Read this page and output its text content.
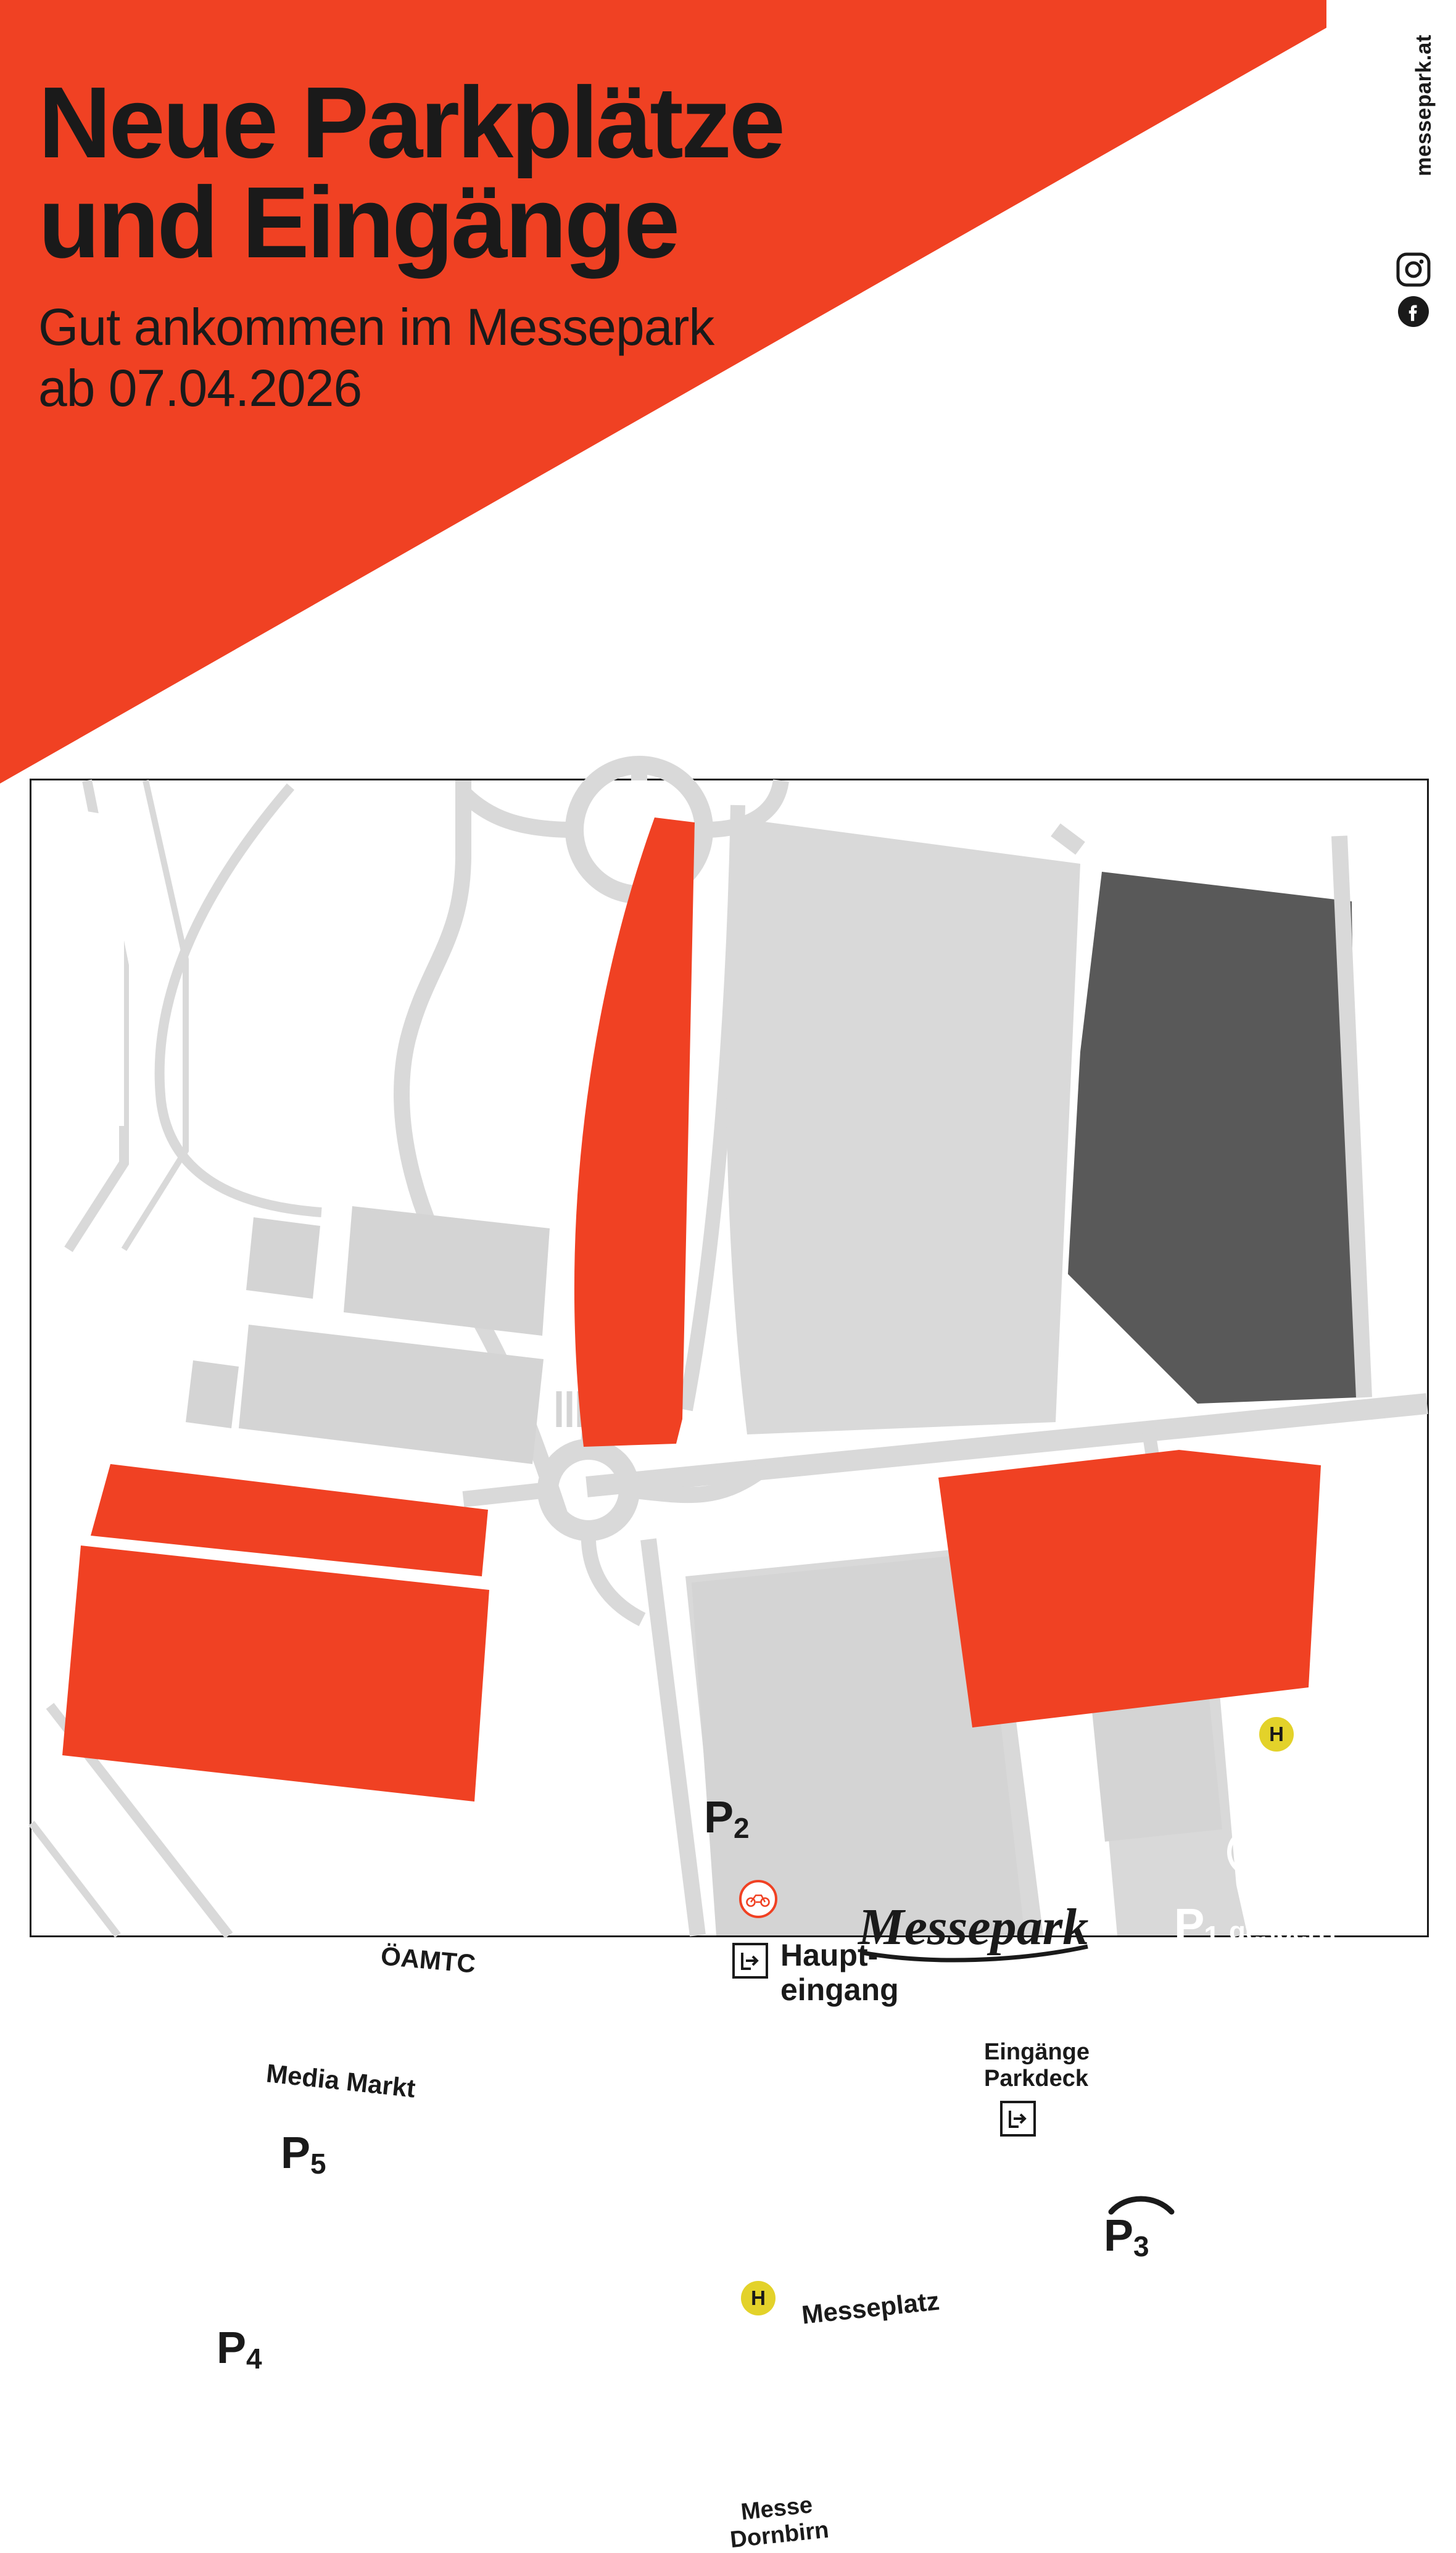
Neue Parkplätze
und Eingänge
Gut ankommen im Messepark
ab 07.04.2026
messepark.at
$P_2$
ÖAMTC
Media Markt
$P_5$
$P_4$
Messepark
Haupt-
eingang
Eingänge
Parkdeck
$P_1$ gesperrt
ab 07.04.26
$P_3$
H	Messeplatz
H
Messe
Dornbirn
